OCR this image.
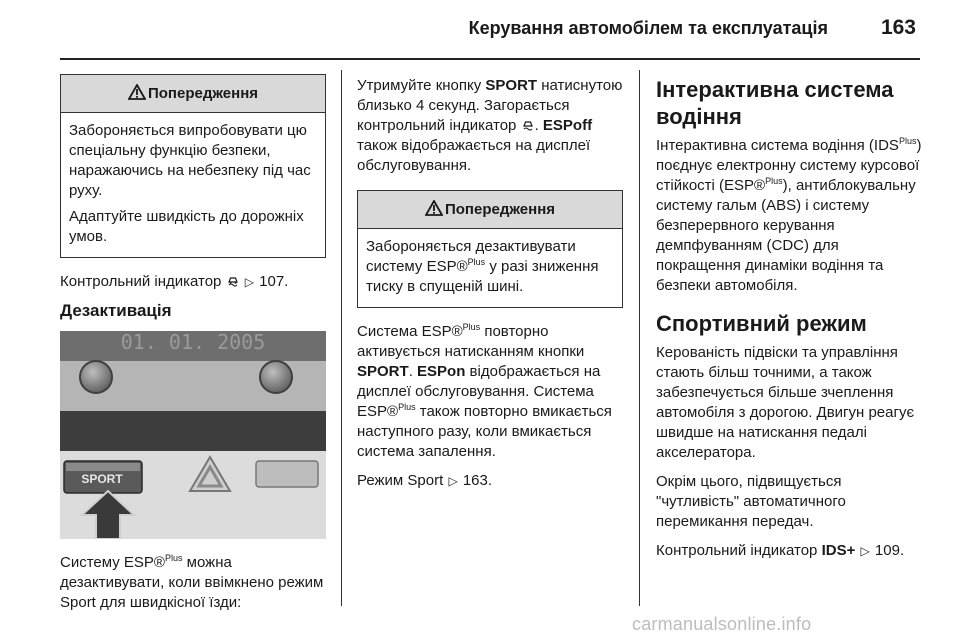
Керування автомобілем та експлуатація	163
Попередження

Забороняється випробовувати цю спеціальну функцію безпеки, наражаючись на небезпеку під час руху.

Адаптуйте швидкість до дорожніх умов.

Контрольний індикатор ▷ 107.

Дезактивація
01. 01. 2005
SPORT

Систему ESP®$^{Plus}$ можна дезактивувати, коли ввімкнено режим Sport для швидкісної їзди:

Утримуйте кнопку SPORT натиснутою близько 4 секунд. Загорається контрольний індикатор . ESPoff також відображається на дисплеї обслуговування.

Попередження

Забороняється дезактивувати систему ESP®$^{Plus}$ у разі зниження тиску в спущеній шині.

Система ESP®$^{Plus}$ повторно активується натисканням кнопки SPORT. ESPon відображається на дисплеї обслуговування. Система ESP®$^{Plus}$ також повторно вмикається наступного разу, коли вмикається система запалення.

Режим Sport ▷ 163.

Інтерактивна система водіння

Інтерактивна система водіння $(IDS^{Plus})$ поєднує електронну систему курсової стійкості (ESP®$^{Plus}$), антиблокувальну систему гальм (ABS) і систему безперервного керування демпфуванням (CDC) для покращення динаміки водіння та безпеки автомобіля.

Спортивний режим

Керованість підвіски та управління стають більш точними, а також забезпечується більше зчеплення автомобіля з дорогою. Двигун реагує швидше на натискання педалі акселератора.

Окрім цього, підвищується "чутливість" автоматичного перемикання передач.

Контрольний індикатор IDS+ ▷ 109.

carmanualsonline.info
